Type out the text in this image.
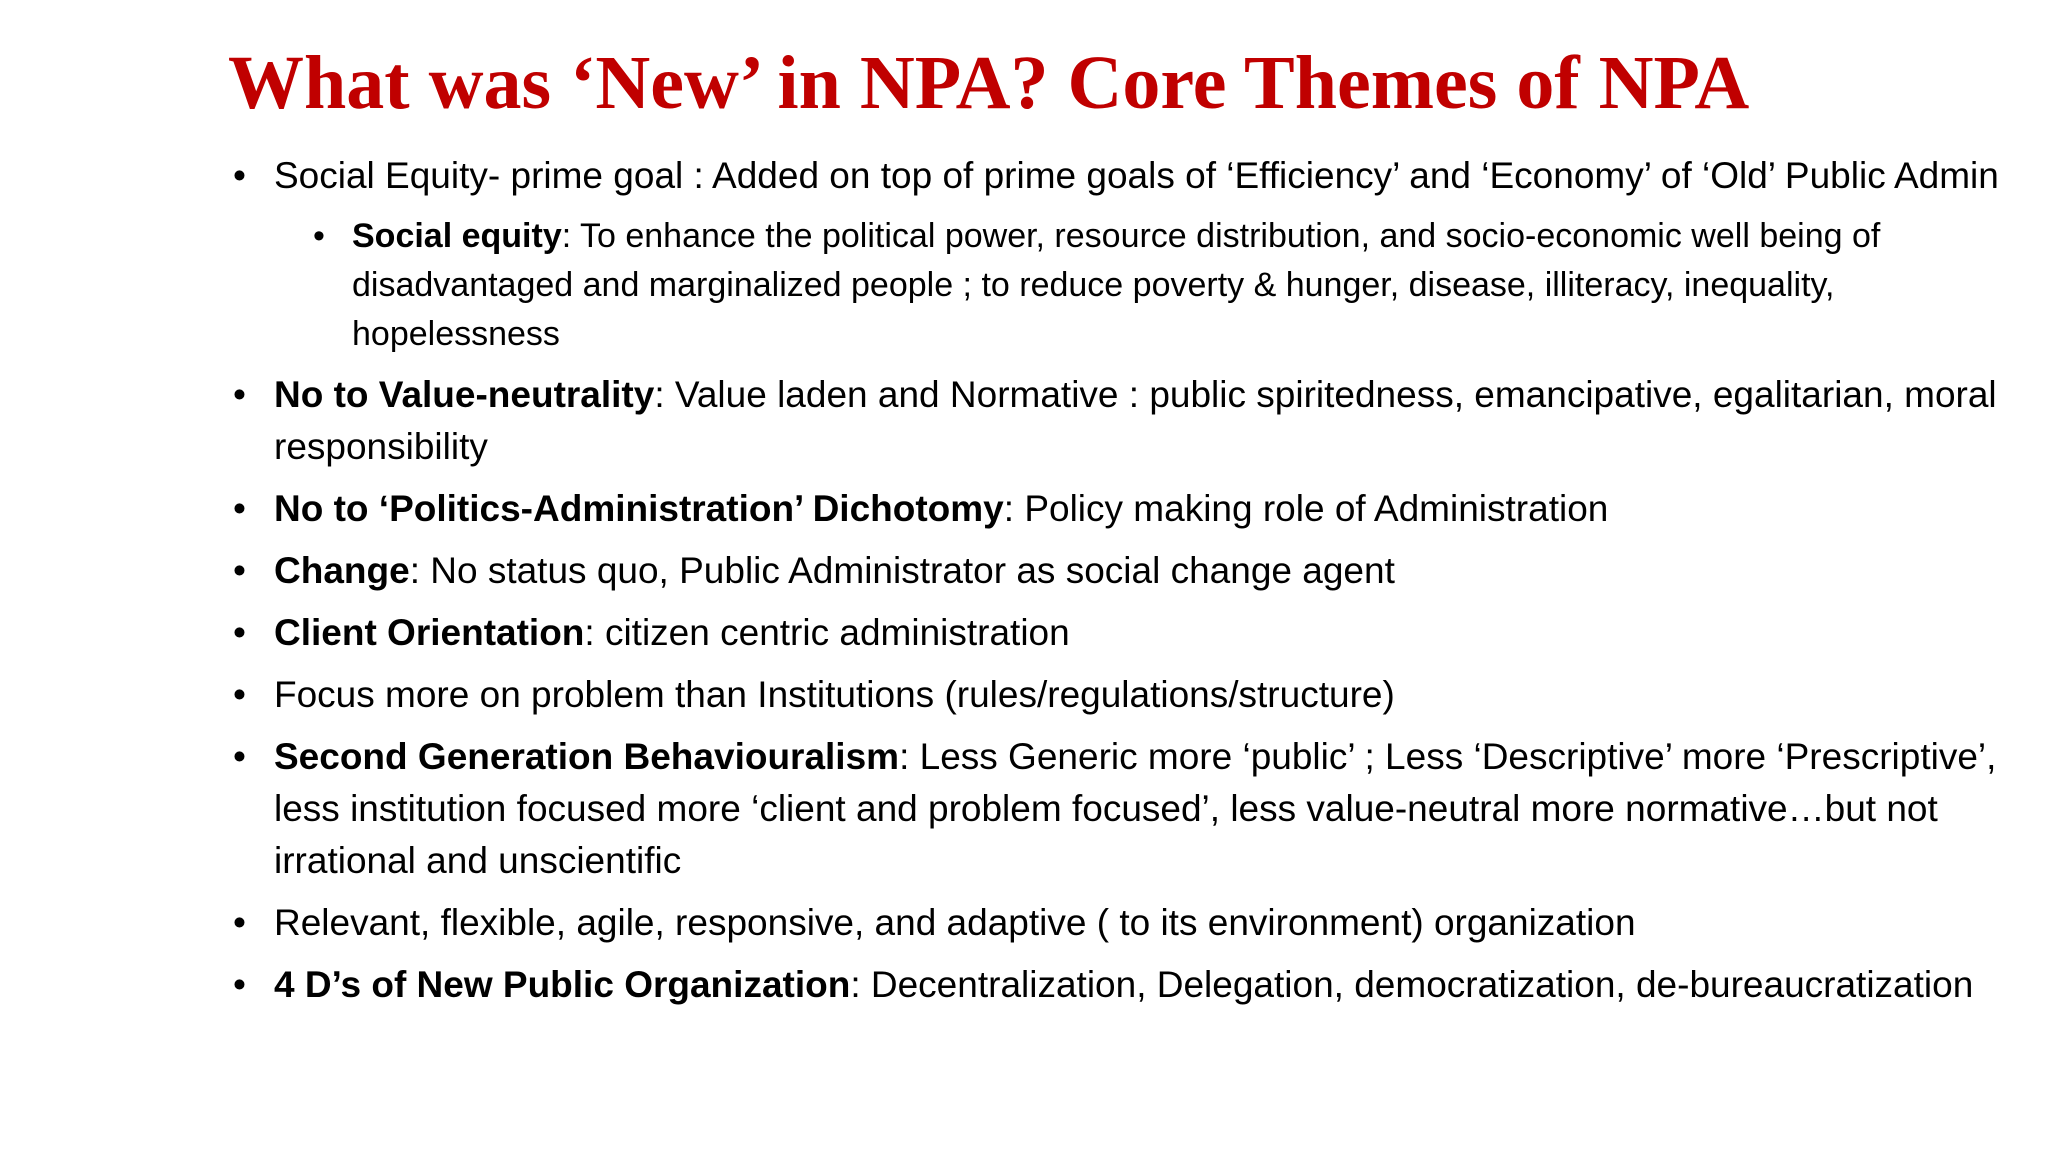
What was ‘New’ in NPA? Core Themes of NPA
• Social Equity- prime goal : Added on top of prime goals of ‘Efficiency’ and ‘Economy’ of ‘Old’ Public Admin
• Social equity: To enhance the political power, resource distribution, and socio-economic well being of disadvantaged and marginalized people ; to reduce poverty & hunger, disease, illiteracy, inequality, hopelessness
• No to Value-neutrality: Value laden and Normative : public spiritedness, emancipative, egalitarian, moral responsibility
• No to ‘Politics-Administration’ Dichotomy: Policy making role of Administration
• Change: No status quo, Public Administrator as social change agent
• Client Orientation: citizen centric administration
• Focus more on problem than Institutions (rules/regulations/structure)
• Second Generation Behaviouralism: Less Generic more ‘public’ ; Less ‘Descriptive’ more ‘Prescriptive’, less institution focused more ‘client and problem focused’, less value-neutral more normative…but not irrational and unscientific
• Relevant, flexible, agile, responsive, and adaptive ( to its environment) organization
• 4 D’s of New Public Organization: Decentralization, Delegation, democratization, de-bureaucratization
